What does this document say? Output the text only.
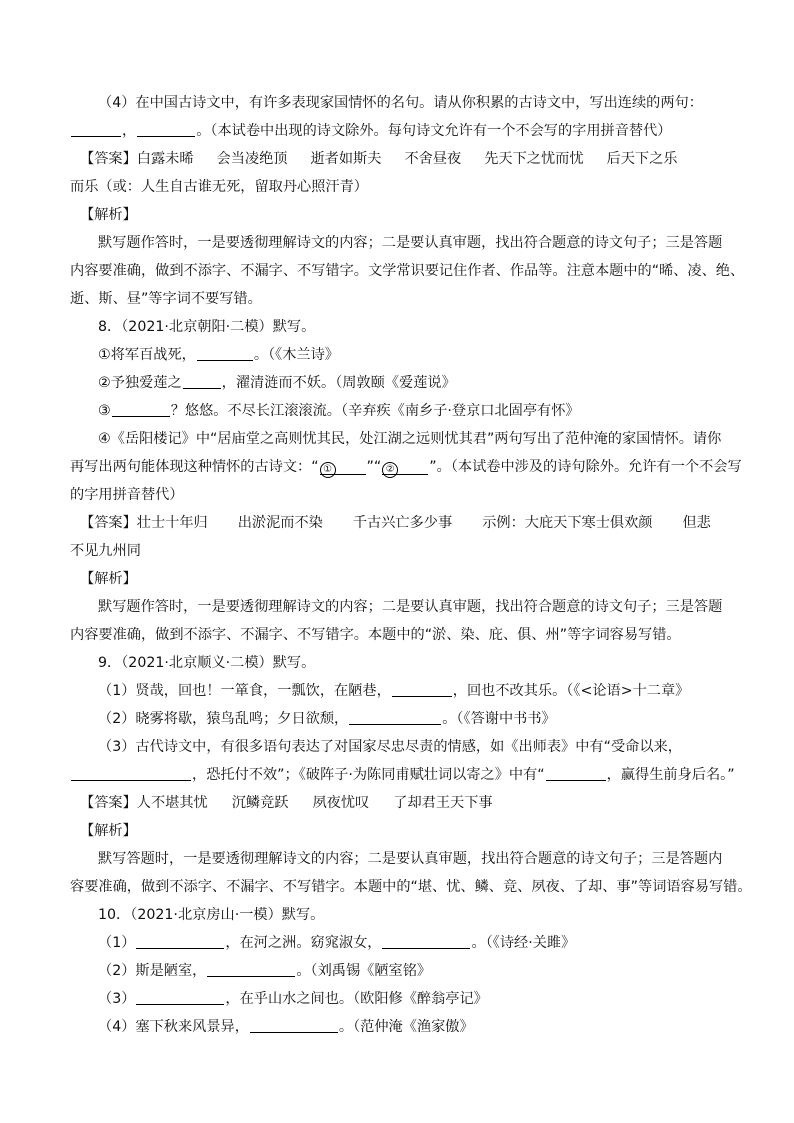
（4）在中国古诗文中，有许多表现家国情怀的名句。请从你积累的古诗文中，写出连续的两句：
，	。（本试卷中出现的诗文除外。每句诗文允许有一个不会写的字用拼音替代）
【答案】白露未晞 会当凌绝顶 逝者如斯夫 不舍昼夜 先天下之忧而忧 后天下之乐
而乐（或：人生自古谁无死，留取丹心照汗青）
【解析】
默写题作答时，一是要透彻理解诗文的内容；二是要认真审题，找出符合题意的诗文句子；三是答题
内容要准确，做到不添字、不漏字、不写错字。文学常识要记住作者、作品等。注意本题中的“晞、凌、绝、
逝、斯、昼”等字词不要写错。
8．（2021·北京朝阳·二模）默写。
①将军百战死，	。（《木兰诗》
②予独爱莲之	，濯清涟而不妖。（周敦颐《爱莲说》
③	？悠悠。不尽长江滚滚流。（辛弃疾《南乡子·登京口北固亭有怀》
④《岳阳楼记》中“居庙堂之高则忧其民，处江湖之远则忧其君”两句写出了范仲淹的家国情怀。请你
再写出两句能体现这种情怀的古诗文：“ ① ”“ ② ”。（本试卷中涉及的诗句除外。允许有一个不会写
的字用拼音替代）
【答案】壮士十年归 出淤泥而不染 千古兴亡多少事 示例：大庇天下寒士俱欢颜 但悲
不见九州同
【解析】
默写题作答时，一是要透彻理解诗文的内容；二是要认真审题，找出符合题意的诗文句子；三是答题
内容要准确，做到不添字、不漏字、不写错字。本题中的“淤、染、庇、俱、州”等字词容易写错。
9．（2021·北京顺义·二模）默写。
（1）贤哉，回也！一箪食，一瓢饮，在陋巷，	，回也不改其乐。（《<论语>十二章》
（2）晓雾将歇，猿鸟乱鸣；夕日欲颓，	。（《答谢中书书》
（3）古代诗文中，有很多语句表达了对国家尽忠尽责的情感，如《出师表》中有“受命以来，
，恐托付不效”；《破阵子·为陈同甫赋壮词以寄之》中有“	，赢得生前身后名。”
【答案】人不堪其忧 沉鳞竞跃 夙夜忧叹 了却君王天下事
【解析】
默写答题时，一是要透彻理解诗文的内容；二是要认真审题，找出符合题意的诗文句子；三是答题内
容要准确，做到不添字、不漏字、不写错字。本题中的“堪、忧、鳞、竞、夙夜、了却、事”等词语容易写错。
10．（2021·北京房山·一模）默写。
（1）	，在河之洲。窈窕淑女，	。（《诗经·关雎》
（2）斯是陋室，	。（刘禹锡《陋室铭》
（3）	，在乎山水之间也。（欧阳修《醉翁亭记》
（4）塞下秋来风景异，	。（范仲淹《渔家傲》
